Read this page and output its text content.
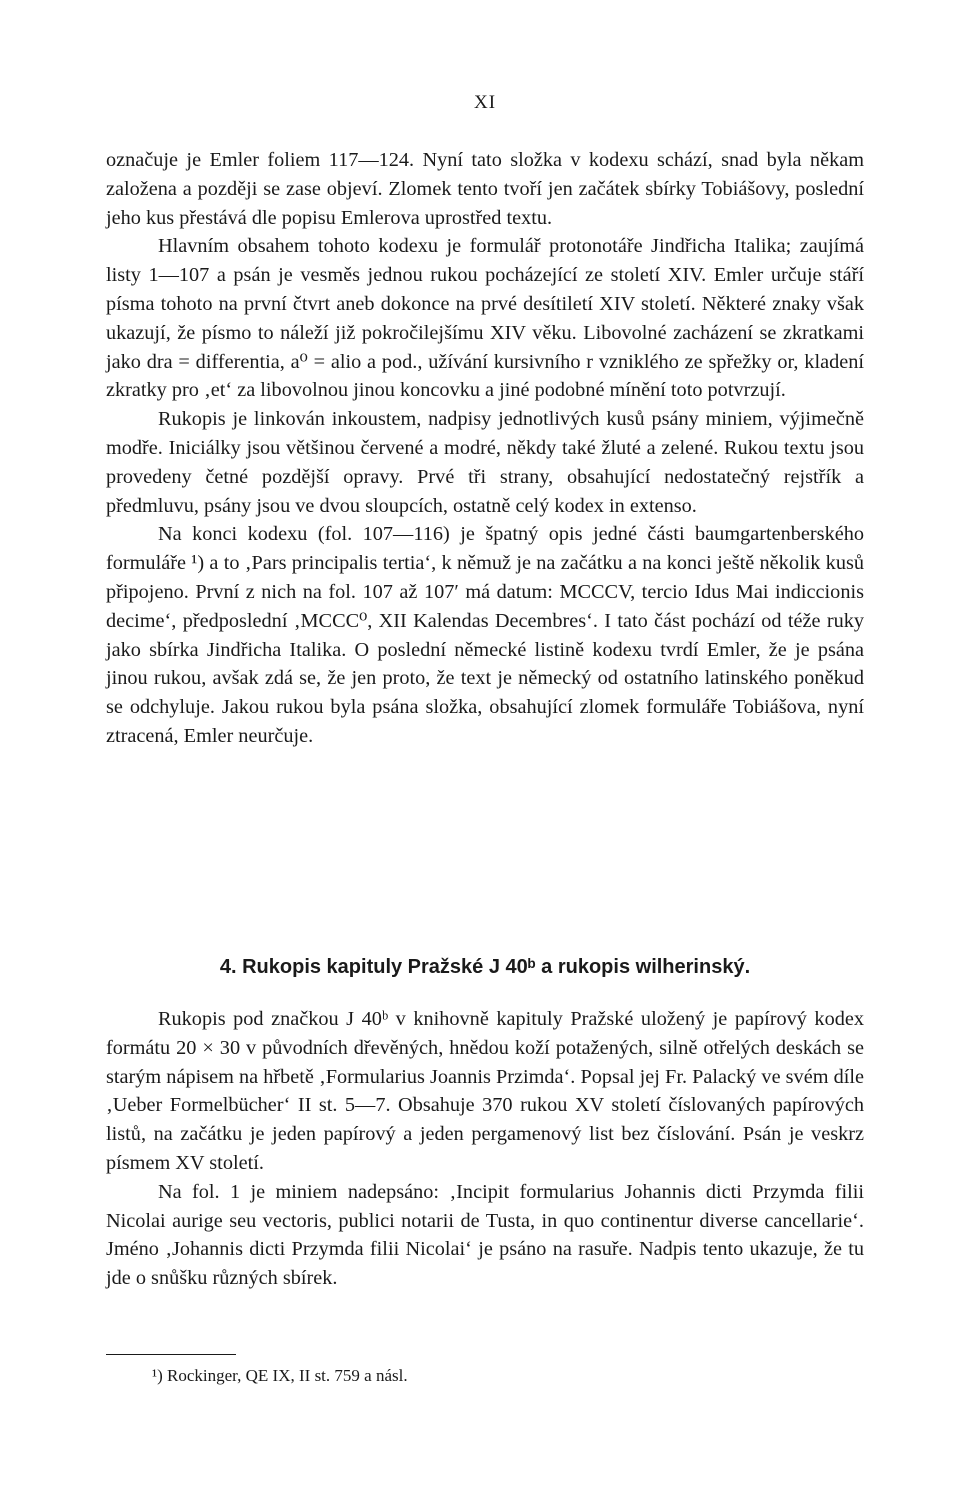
XI

označuje je Emler foliem 117—124. Nyní tato složka v kodexu schází, snad byla někam založena a později se zase objeví. Zlomek tento tvoří jen začátek sbírky Tobiášovy, poslední jeho kus přestává dle popisu Emlerova uprostřed textu.

Hlavním obsahem tohoto kodexu je formulář protonotáře Jindřicha Italika; zaujímá listy 1—107 a psán je vesměs jednou rukou pocházející ze století XIV. Emler určuje stáří písma tohoto na první čtvrt aneb dokonce na prvé desítiletí XIV století. Některé znaky však ukazují, že písmo to náleží již pokročilejšímu XIV věku. Libovolné zacházení se zkratkami jako dra = differentia, a⁰ = alio a pod., užívání kursivního r vzniklého ze spřežky or, kladení zkratky pro ‚et‘ za libovolnou jinou koncovku a jiné podobné mínění toto potvrzují.

Rukopis je linkován inkoustem, nadpisy jednotlivých kusů psány miniem, výjimečně modře. Iniciálky jsou většinou červené a modré, někdy také žluté a zelené. Rukou textu jsou provedeny četné pozdější opravy. Prvé tři strany, obsahující nedostatečný rejstřík a předmluvu, psány jsou ve dvou sloupcích, ostatně celý kodex in extenso.

Na konci kodexu (fol. 107—116) je špatný opis jedné části baumgartenberského formuláře ¹) a to ‚Pars principalis tertia‘, k němuž je na začátku a na konci ještě několik kusů připojeno. První z nich na fol. 107 až 107′ má datum: MCCCV, tercio Idus Mai indiccionis decime‘, předposlední ‚MCCC⁰, XII Kalendas Decembres‘. I tato část pochází od téže ruky jako sbírka Jindřicha Italika. O poslední německé listině kodexu tvrdí Emler, že je psána jinou rukou, avšak zdá se, že jen proto, že text je německý od ostatního latinského poněkud se odchyluje. Jakou rukou byla psána složka, obsahující zlomek formuláře Tobiášova, nyní ztracená, Emler neurčuje.

4. Rukopis kapituly Pražské J 40ᵇ a rukopis wilherinský.

Rukopis pod značkou J 40ᵇ v knihovně kapituly Pražské uložený je papírový kodex formátu 20 × 30 v původních dřevěných, hnědou koží potažených, silně otřelých deskách se starým nápisem na hřbetě ‚Formularius Joannis Przimda‘. Popsal jej Fr. Palacký ve svém díle ‚Ueber Formelbücher‘ II st. 5—7. Obsahuje 370 rukou XV století číslovaných papírových listů, na začátku je jeden papírový a jeden pergamenový list bez číslování. Psán je veskrz písmem XV století.

Na fol. 1 je miniem nadepsáno: ‚Incipit formularius Johannis dicti Przymda filii Nicolai aurige seu vectoris, publici notarii de Tusta, in quo continentur diverse cancellarie‘. Jméno ‚Johannis dicti Przymda filii Nicolai‘ je psáno na rasuře. Nadpis tento ukazuje, že tu jde o snůšku různých sbírek.

¹) Rockinger, QE IX, II st. 759 a násl.
